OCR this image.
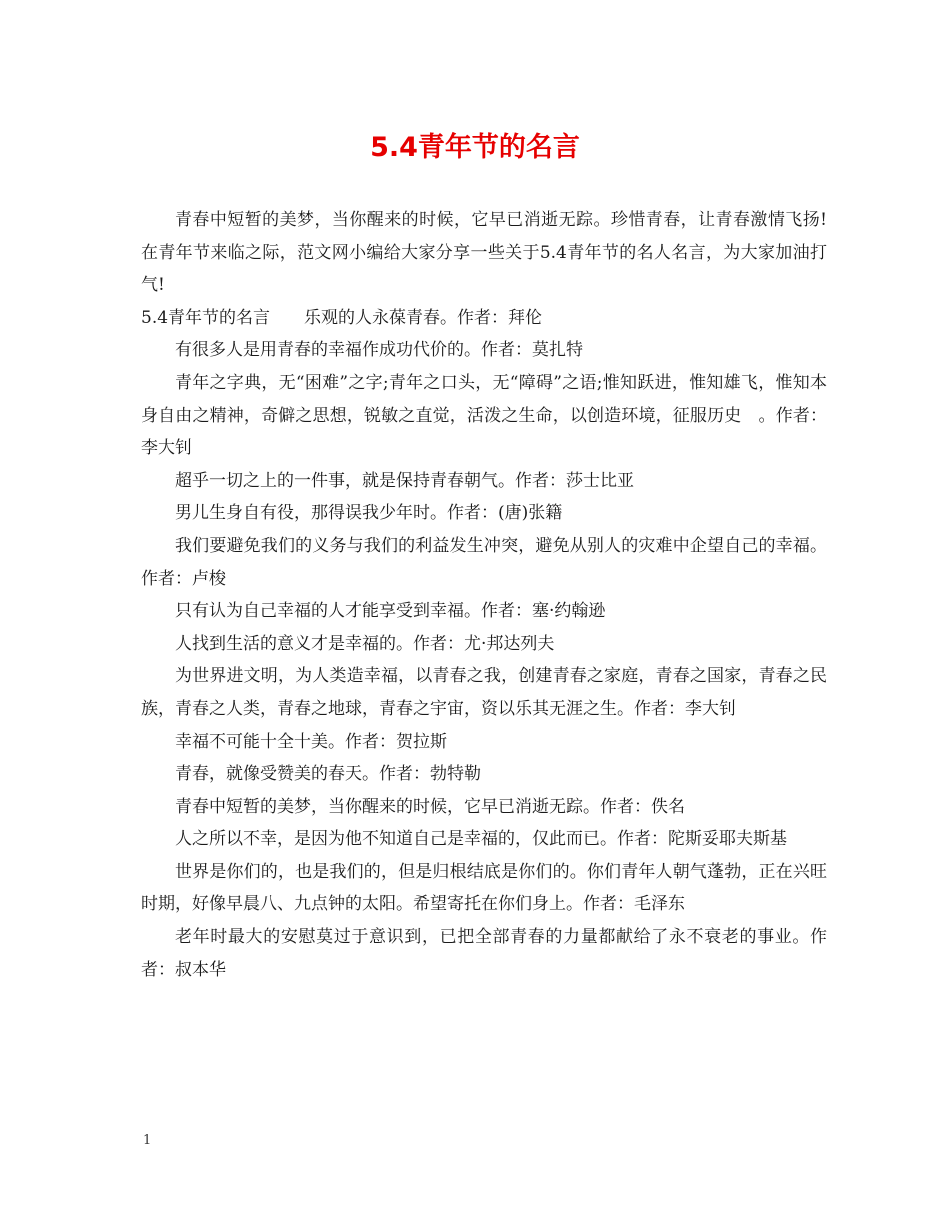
5.4青年节的名言

青春中短暂的美梦，当你醒来的时候，它早已消逝无踪。珍惜青春，让青春激情飞扬!在青年节来临之际，范文网小编给大家分享一些关于5.4青年节的名人名言，为大家加油打气!

5.4青年节的名言　　乐观的人永葆青春。作者：拜伦

有很多人是用青春的幸福作成功代价的。作者：莫扎特

青年之字典，无“困难”之字;青年之口头，无“障碍”之语;惟知跃进，惟知雄飞，惟知本身自由之精神，奇僻之思想，锐敏之直觉，活泼之生命，以创造环境，征服历史　。作者：李大钊

超乎一切之上的一件事，就是保持青春朝气。作者：莎士比亚

男儿生身自有役，那得误我少年时。作者：(唐)张籍

我们要避免我们的义务与我们的利益发生冲突，避免从别人的灾难中企望自己的幸福。作者：卢梭

只有认为自己幸福的人才能享受到幸福。作者：塞·约翰逊

人找到生活的意义才是幸福的。作者：尤·邦达列夫

为世界进文明，为人类造幸福，以青春之我，创建青春之家庭，青春之国家，青春之民族，青春之人类，青春之地球，青春之宇宙，资以乐其无涯之生。作者：李大钊

幸福不可能十全十美。作者：贺拉斯

青春，就像受赞美的春天。作者：勃特勒

青春中短暂的美梦，当你醒来的时候，它早已消逝无踪。作者：佚名

人之所以不幸，是因为他不知道自己是幸福的，仅此而已。作者：陀斯妥耶夫斯基

世界是你们的，也是我们的，但是归根结底是你们的。你们青年人朝气蓬勃，正在兴旺时期，好像早晨八、九点钟的太阳。希望寄托在你们身上。作者：毛泽东

老年时最大的安慰莫过于意识到，已把全部青春的力量都献给了永不衰老的事业。作者：叔本华

1
